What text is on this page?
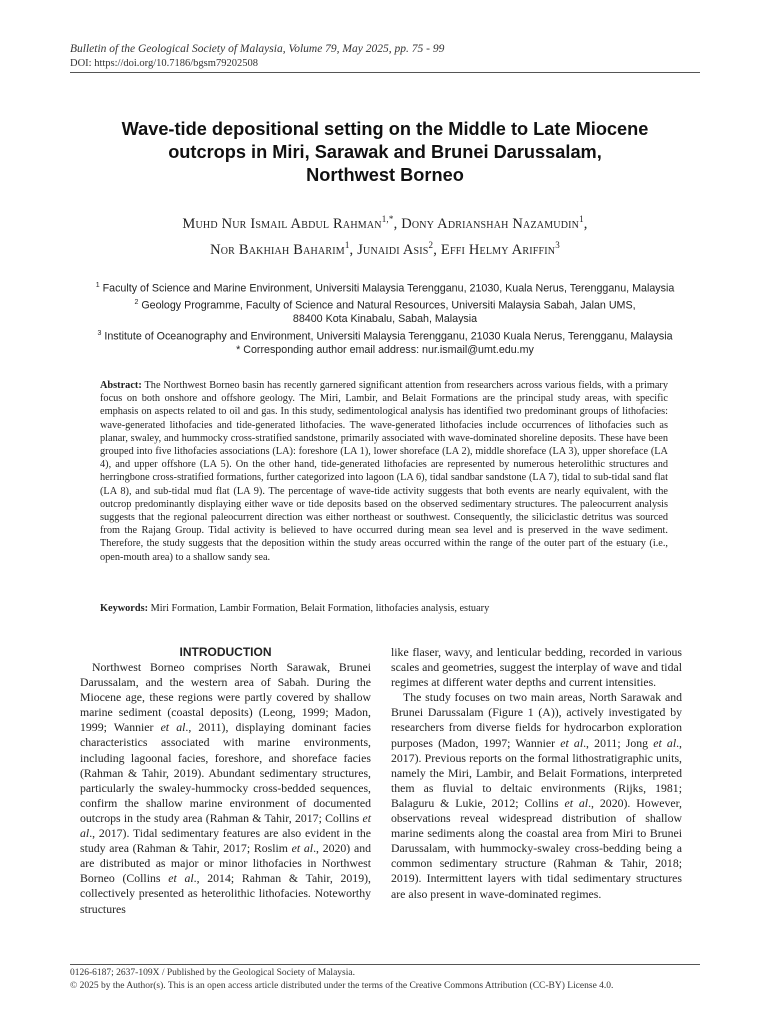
Bulletin of the Geological Society of Malaysia, Volume 79, May 2025, pp. 75 - 99
DOI: https://doi.org/10.7186/bgsm79202508
Wave-tide depositional setting on the Middle to Late Miocene
outcrops in Miri, Sarawak and Brunei Darussalam,
Northwest Borneo
Muhd Nur Ismail Abdul Rahman$^{1,*}$, Dony Adrianshah Nazamudin$^1$,
Nor Bakhiah Baharim$^1$, Junaidi Asis$^2$, Effi Helmy Ariffin$^3$
$^1$ Faculty of Science and Marine Environment, Universiti Malaysia Terengganu, 21030, Kuala Nerus, Terengganu, Malaysia
$^2$ Geology Programme, Faculty of Science and Natural Resources, Universiti Malaysia Sabah, Jalan UMS,
88400 Kota Kinabalu, Sabah, Malaysia
$^3$ Institute of Oceanography and Environment, Universiti Malaysia Terengganu, 21030 Kuala Nerus, Terengganu, Malaysia
* Corresponding author email address: nur.ismail@umt.edu.my
Abstract: The Northwest Borneo basin has recently garnered significant attention from researchers across various fields, with a primary focus on both onshore and offshore geology. The Miri, Lambir, and Belait Formations are the principal study areas, with specific emphasis on aspects related to oil and gas. In this study, sedimentological analysis has identified two predominant groups of lithofacies: wave-generated lithofacies and tide-generated lithofacies. The wave-generated lithofacies include occurrences of lithofacies such as planar, swaley, and hummocky cross-stratified sandstone, primarily associated with wave-dominated shoreline deposits. These have been grouped into five lithofacies associations (LA): foreshore (LA 1), lower shoreface (LA 2), middle shoreface (LA 3), upper shoreface (LA 4), and upper offshore (LA 5). On the other hand, tide-generated lithofacies are represented by numerous heterolithic structures and herringbone cross-stratified formations, further categorized into lagoon (LA 6), tidal sandbar sandstone (LA 7), tidal to sub-tidal sand flat (LA 8), and sub-tidal mud flat (LA 9). The percentage of wave-tide activity suggests that both events are nearly equivalent, with the outcrop predominantly displaying either wave or tide deposits based on the observed sedimentary structures. The paleocurrent analysis suggests that the regional paleocurrent direction was either northeast or southwest. Consequently, the siliciclastic detritus was sourced from the Rajang Group. Tidal activity is believed to have occurred during mean sea level and is preserved in the wave sediment. Therefore, the study suggests that the deposition within the study areas occurred within the range of the outer part of the estuary (i.e., open-mouth area) to a shallow sandy sea.
Keywords: Miri Formation, Lambir Formation, Belait Formation, lithofacies analysis, estuary
INTRODUCTION

Northwest Borneo comprises North Sarawak, Brunei Darussalam, and the western area of Sabah. During the Miocene age, these regions were partly covered by shallow marine sediment (coastal deposits) (Leong, 1999; Madon, 1999; Wannier et al., 2011), displaying dominant facies characteristics associated with marine environments, including lagoonal facies, foreshore, and shoreface facies (Rahman & Tahir, 2019). Abundant sedimentary structures, particularly the swaley-hummocky cross-bedded sequences, confirm the shallow marine environment of documented outcrops in the study area (Rahman & Tahir, 2017; Collins et al., 2017). Tidal sedimentary features are also evident in the study area (Rahman & Tahir, 2017; Roslim et al., 2020) and are distributed as major or minor lithofacies in Northwest Borneo (Collins et al., 2014; Rahman & Tahir, 2019), collectively presented as heterolithic lithofacies. Noteworthy structures

like flaser, wavy, and lenticular bedding, recorded in various scales and geometries, suggest the interplay of wave and tidal regimes at different water depths and current intensities.

The study focuses on two main areas, North Sarawak and Brunei Darussalam (Figure 1 (A)), actively investigated by researchers from diverse fields for hydrocarbon exploration purposes (Madon, 1997; Wannier et al., 2011; Jong et al., 2017). Previous reports on the formal lithostratigraphic units, namely the Miri, Lambir, and Belait Formations, interpreted them as fluvial to deltaic environments (Rijks, 1981; Balaguru & Lukie, 2012; Collins et al., 2020). However, observations reveal widespread distribution of shallow marine sediments along the coastal area from Miri to Brunei Darussalam, with hummocky-swaley cross-bedding being a common sedimentary structure (Rahman & Tahir, 2018; 2019). Intermittent layers with tidal sedimentary structures are also present in wave-dominated regimes.

0126-6187; 2637-109X / Published by the Geological Society of Malaysia.
© 2025 by the Author(s). This is an open access article distributed under the terms of the Creative Commons Attribution (CC-BY) License 4.0.
